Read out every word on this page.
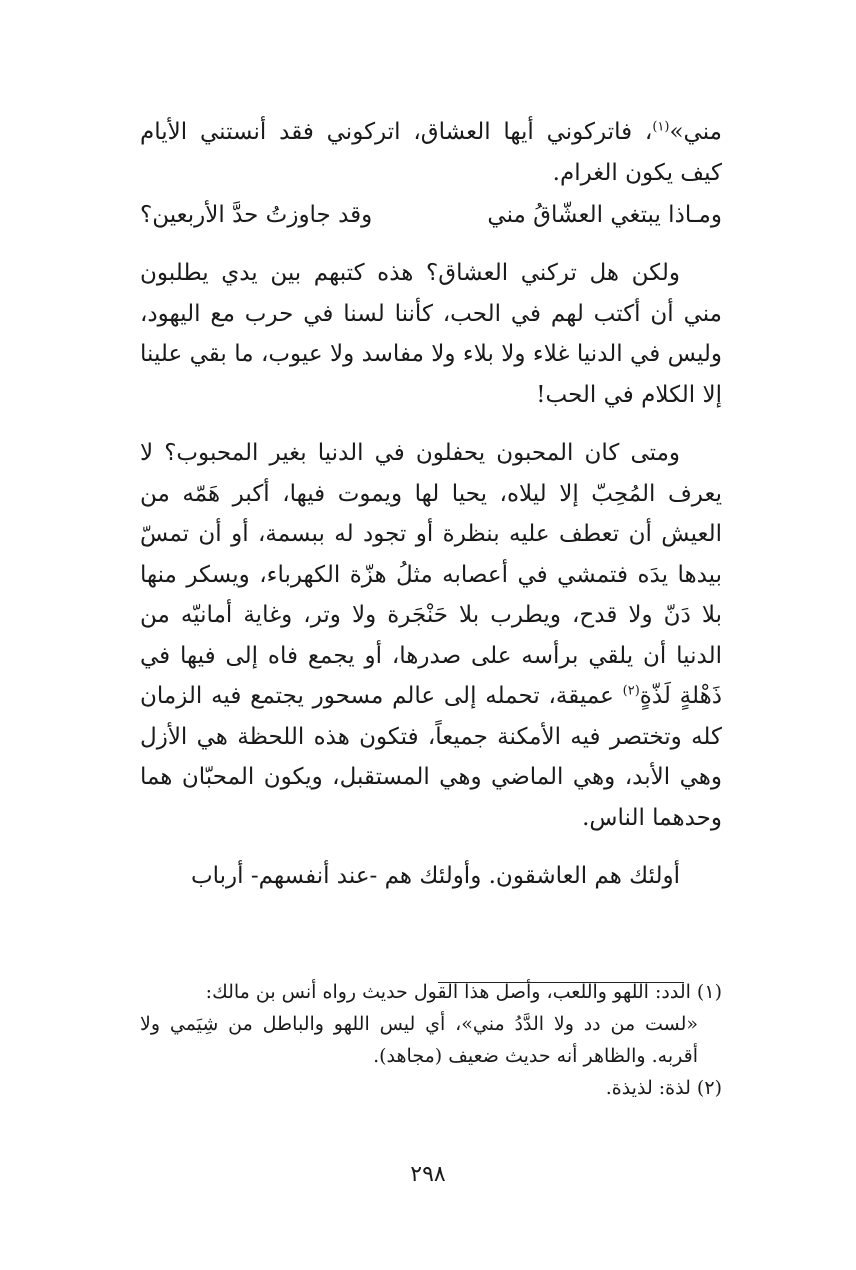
مني»$^{(١)}$، فاتركوني أيها العشاق، اتركوني فقد أنستني الأيام كيف يكون الغرام.

ومـاذا يبتغي العشّاقُ مني
وقد جاوزتُ حدَّ الأربعين؟

ولكن هل تركني العشاق؟ هذه كتبهم بين يدي يطلبون مني أن أكتب لهم في الحب، كأننا لسنا في حرب مع اليهود، وليس في الدنيا غلاء ولا بلاء ولا مفاسد ولا عيوب، ما بقي علينا إلا الكلام في الحب!

ومتى كان المحبون يحفلون في الدنيا بغير المحبوب؟ لا يعرف المُحِبّ إلا ليلاه، يحيا لها ويموت فيها، أكبر هَمّه من العيش أن تعطف عليه بنظرة أو تجود له ببسمة، أو أن تمسّ بيدها يدَه فتمشي في أعصابه مثلُ هزّة الكهرباء، ويسكر منها بلا دَنّ ولا قدح، ويطرب بلا حَنْجَرة ولا وتر، وغاية أمانيّه من الدنيا أن يلقي برأسه على صدرها، أو يجمع فاه إلى فيها في ذَهْلةٍ لَذّةٍ$^{(٢)}$ عميقة، تحمله إلى عالم مسحور يجتمع فيه الزمان كله وتختصر فيه الأمكنة جميعاً، فتكون هذه اللحظة هي الأزل وهي الأبد، وهي الماضي وهي المستقبل، ويكون المحبّان هما وحدهما الناس.

أولئك هم العاشقون. وأولئك هم -عند أنفسهم- أرباب

(١) الدد: اللهو واللعب، وأصل هذا القول حديث رواه أنس بن مالك:

«لست من دد ولا الدَّدُ مني»، أي ليس اللهو والباطل من شِيَمي ولا أقربه. والظاهر أنه حديث ضعيف (مجاهد).

(٢) لذة: لذيذة.

٢٩٨
